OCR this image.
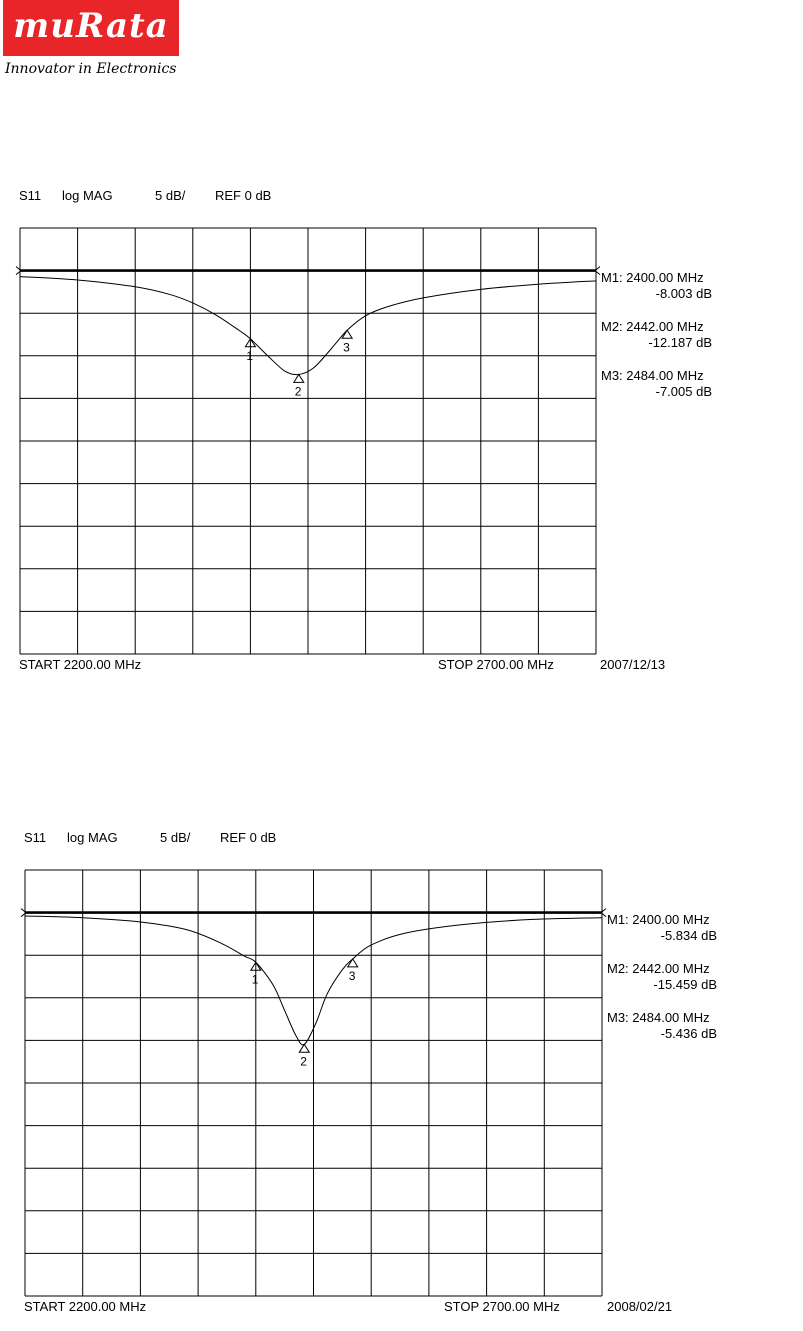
muRata
Innovator in Electronics
S11 log MAG	5 dB/ REF 0 dB
1
2
3
M1: 2400.00 MHz
-8.003 dB
M2: 2442.00 MHz
-12.187 dB
M3: 2484.00 MHz
-7.005 dB
START 2200.00 MHz	STOP 2700.00 MHz	2007/12/13
S11 log MAG	5 dB/ REF 0 dB
1
2
3
M1: 2400.00 MHz
-5.834 dB
M2: 2442.00 MHz
-15.459 dB
M3: 2484.00 MHz
-5.436 dB
START 2200.00 MHz	STOP 2700.00 MHz	2008/02/21
